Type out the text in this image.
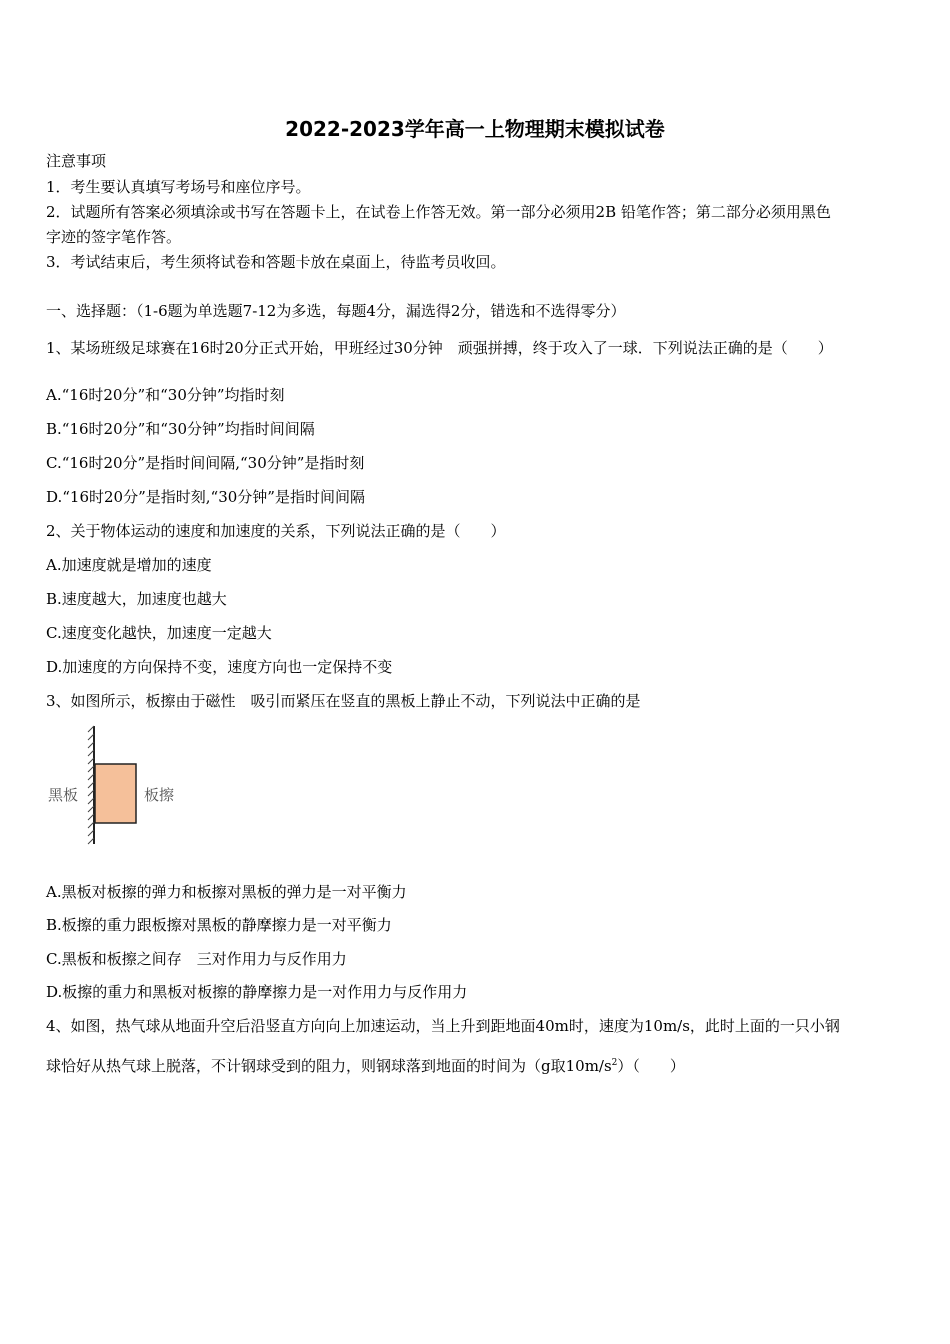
2022-2023学年高一上物理期末模拟试卷
注意事项
1．考生要认真填写考场号和座位序号。
2．试题所有答案必须填涂或书写在答题卡上，在试卷上作答无效。第一部分必须用2B 铅笔作答；第二部分必须用黑色
字迹的签字笔作答。
3．考试结束后，考生须将试卷和答题卡放在桌面上，待监考员收回。
一、选择题：（1-6题为单选题7-12为多选，每题4分，漏选得2分，错选和不选得零分）
1、某场班级足球赛在16时20分正式开始，甲班经过30分钟　顽强拼搏，终于攻入了一球．下列说法正确的是（　　）
A.“16时20分”和“30分钟”均指时刻
B.“16时20分”和“30分钟”均指时间间隔
C.“16时20分”是指时间间隔,“30分钟”是指时刻
D.“16时20分”是指时刻,“30分钟”是指时间间隔
2、关于物体运动的速度和加速度的关系，下列说法正确的是（　　）
A.加速度就是增加的速度
B.速度越大，加速度也越大
C.速度变化越快，加速度一定越大
D.加速度的方向保持不变，速度方向也一定保持不变
3、如图所示，板擦由于磁性　吸引而紧压在竖直的黑板上静止不动，下列说法中正确的是
黑板	板擦
A.黑板对板擦的弹力和板擦对黑板的弹力是一对平衡力
B.板擦的重力跟板擦对黑板的静摩擦力是一对平衡力
C.黑板和板擦之间存　三对作用力与反作用力
D.板擦的重力和黑板对板擦的静摩擦力是一对作用力与反作用力
4、如图，热气球从地面升空后沿竖直方向向上加速运动，当上升到距地面40m时，速度为10m/s，此时上面的一只小钢
球恰好从热气球上脱落，不计钢球受到的阻力，则钢球落到地面的时间为（g取$10m/s^2$）（　　）
